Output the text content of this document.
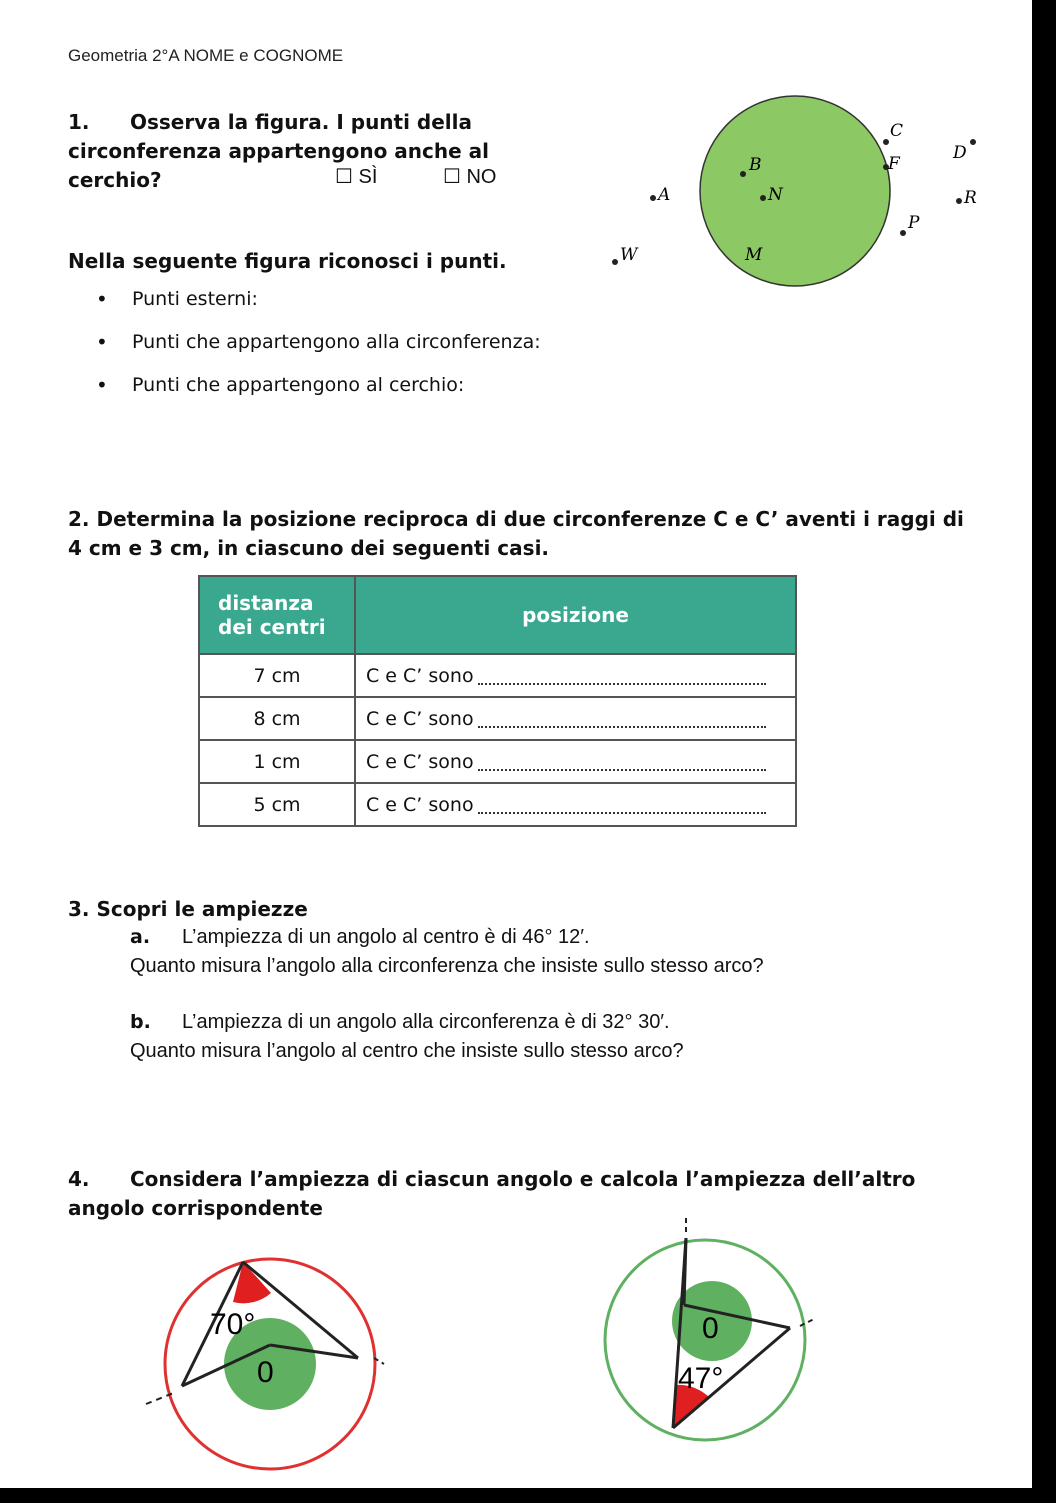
Geometria 2°A NOME e COGNOME
1. Osserva la figura. I punti della circonferenza appartengono anche al cerchio?	☐ SÌ	☐ NO
C
D
B	F
A	N	R
P
W	M
Nella seguente figura riconosci i punti.
• Punti esterni:
• Punti che appartengono alla circonferenza:
• Punti che appartengono al cerchio:
2. Determina la posizione reciproca di due circonferenze C e C’ aventi i raggi di 4 cm e 3 cm, in ciascuno dei seguenti casi.
distanza dei centri	posizione
7 cm	C e C’ sono
8 cm	C e C’ sono
1 cm	C e C’ sono
5 cm	C e C’ sono
3. Scopri le ampiezze
a. L’ampiezza di un angolo al centro è di 46° 12′.
Quanto misura l’angolo alla circonferenza che insiste sullo stesso arco?
b. L’ampiezza di un angolo alla circonferenza è di 32° 30′.
Quanto misura l’angolo al centro che insiste sullo stesso arco?
4. Considera l’ampiezza di ciascun angolo e calcola l’ampiezza dell’altro angolo corrispondente
70°
0
0
47°
